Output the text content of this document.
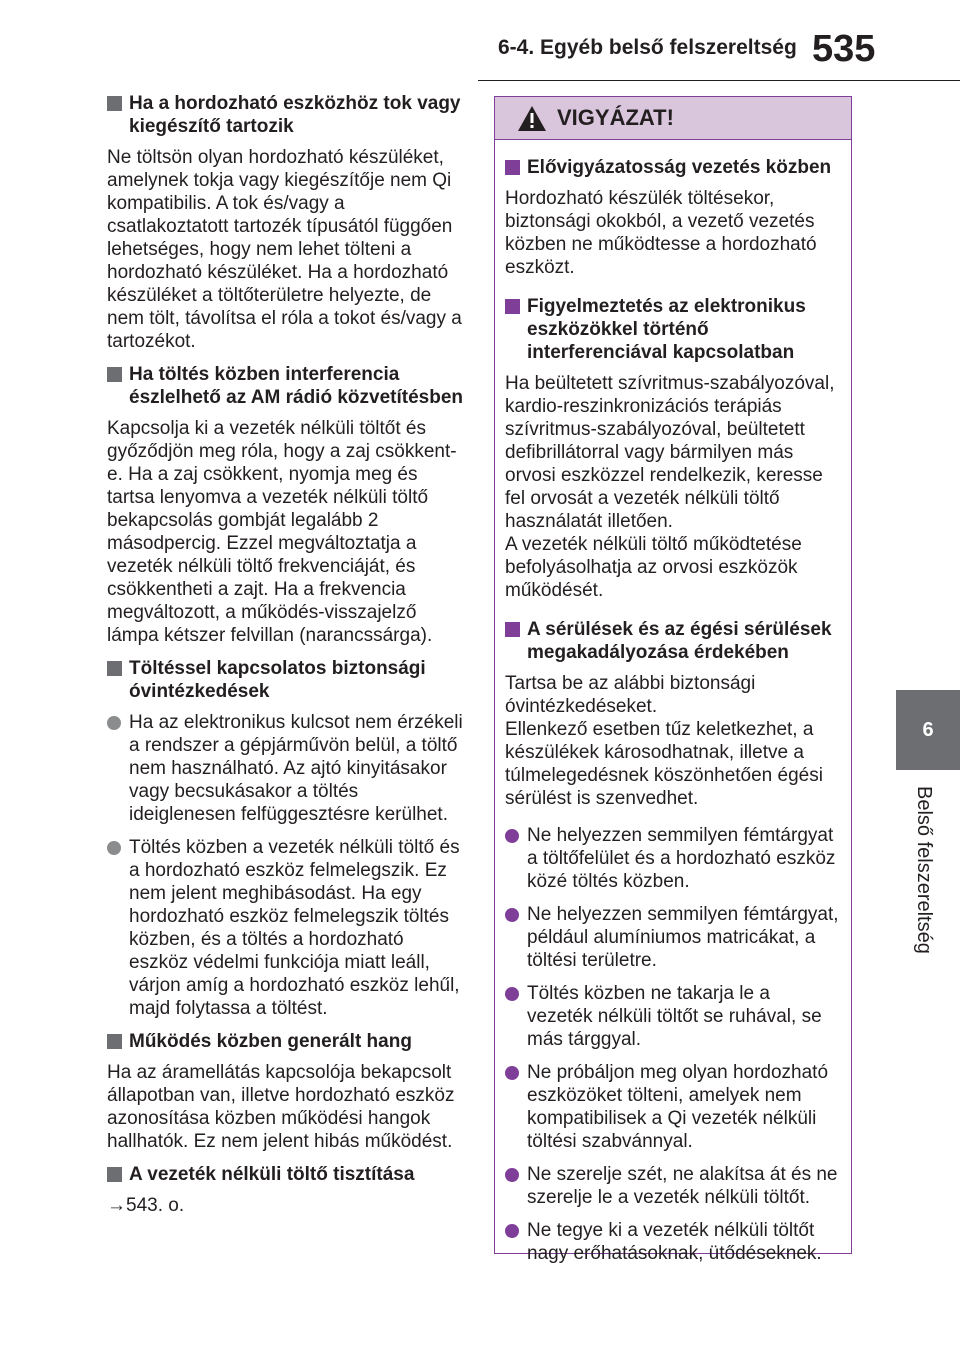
6-4. Egyéb belső felszereltség 535
6
Belső felszereltség
Ha a hordozható eszközhöz tok vagy kiegészítő tartozik
Ne töltsön olyan hordozható készüléket, amelynek tokja vagy kiegészítője nem Qi kompatibilis. A tok és/vagy a csatlakoztatott tartozék típusától függően lehetséges, hogy nem lehet tölteni a hordozható készüléket. Ha a hordozható készüléket a töltőterületre helyezte, de nem tölt, távolítsa el róla a tokot és/vagy a tartozékot.
Ha töltés közben interferencia észlelhető az AM rádió közvetítésben
Kapcsolja ki a vezeték nélküli töltőt és győződjön meg róla, hogy a zaj csökkent-e. Ha a zaj csökkent, nyomja meg és tartsa lenyomva a vezeték nélküli töltő bekapcsolás gombját legalább 2 másodpercig. Ezzel megváltoztatja a vezeték nélküli töltő frekvenciáját, és csökkentheti a zajt. Ha a frekvencia megváltozott, a működés-visszajelző lámpa kétszer felvillan (narancssárga).
Töltéssel kapcsolatos biztonsági óvintézkedések
Ha az elektronikus kulcsot nem érzékeli a rendszer a gépjárművön belül, a töltő nem használható. Az ajtó kinyitásakor vagy becsukásakor a töltés ideiglenesen felfüggesztésre kerülhet.
Töltés közben a vezeték nélküli töltő és a hordozható eszköz felmelegszik. Ez nem jelent meghibásodást. Ha egy hordozható eszköz felmelegszik töltés közben, és a töltés a hordozható eszköz védelmi funkciója miatt leáll, várjon amíg a hordozható eszköz lehűl, majd folytassa a töltést.
Működés közben generált hang
Ha az áramellátás kapcsolója bekapcsolt állapotban van, illetve hordozható eszköz azonosítása közben működési hangok hallhatók. Ez nem jelent hibás működést.
A vezeték nélküli töltő tisztítása
→543. o.
VIGYÁZAT!
Elővigyázatosság vezetés közben
Hordozható készülék töltésekor, biztonsági okokból, a vezető vezetés közben ne működtesse a hordozható eszközt.
Figyelmeztetés az elektronikus eszközökkel történő interferenciával kapcsolatban
Ha beültetett szívritmus-szabályozóval, kardio-reszinkronizációs terápiás szívritmus-szabályozóval, beültetett defibrillátorral vagy bármilyen más orvosi eszközzel rendelkezik, keresse fel orvosát a vezeték nélküli töltő használatát illetően.
A vezeték nélküli töltő működtetése befolyásolhatja az orvosi eszközök működését.
A sérülések és az égési sérülések megakadályozása érdekében
Tartsa be az alábbi biztonsági óvintézkedéseket.
Ellenkező esetben tűz keletkezhet, a készülékek károsodhatnak, illetve a túlmelegedésnek köszönhetően égési sérülést is szenvedhet.
Ne helyezzen semmilyen fémtárgyat a töltőfelület és a hordozható eszköz közé töltés közben.
Ne helyezzen semmilyen fémtárgyat, például alumíniumos matricákat, a töltési területre.
Töltés közben ne takarja le a vezeték nélküli töltőt se ruhával, se más tárggyal.
Ne próbáljon meg olyan hordozható eszközöket tölteni, amelyek nem kompatibilisek a Qi vezeték nélküli töltési szabvánnyal.
Ne szerelje szét, ne alakítsa át és ne szerelje le a vezeték nélküli töltőt.
Ne tegye ki a vezeték nélküli töltőt nagy erőhatásoknak, ütődéseknek.
